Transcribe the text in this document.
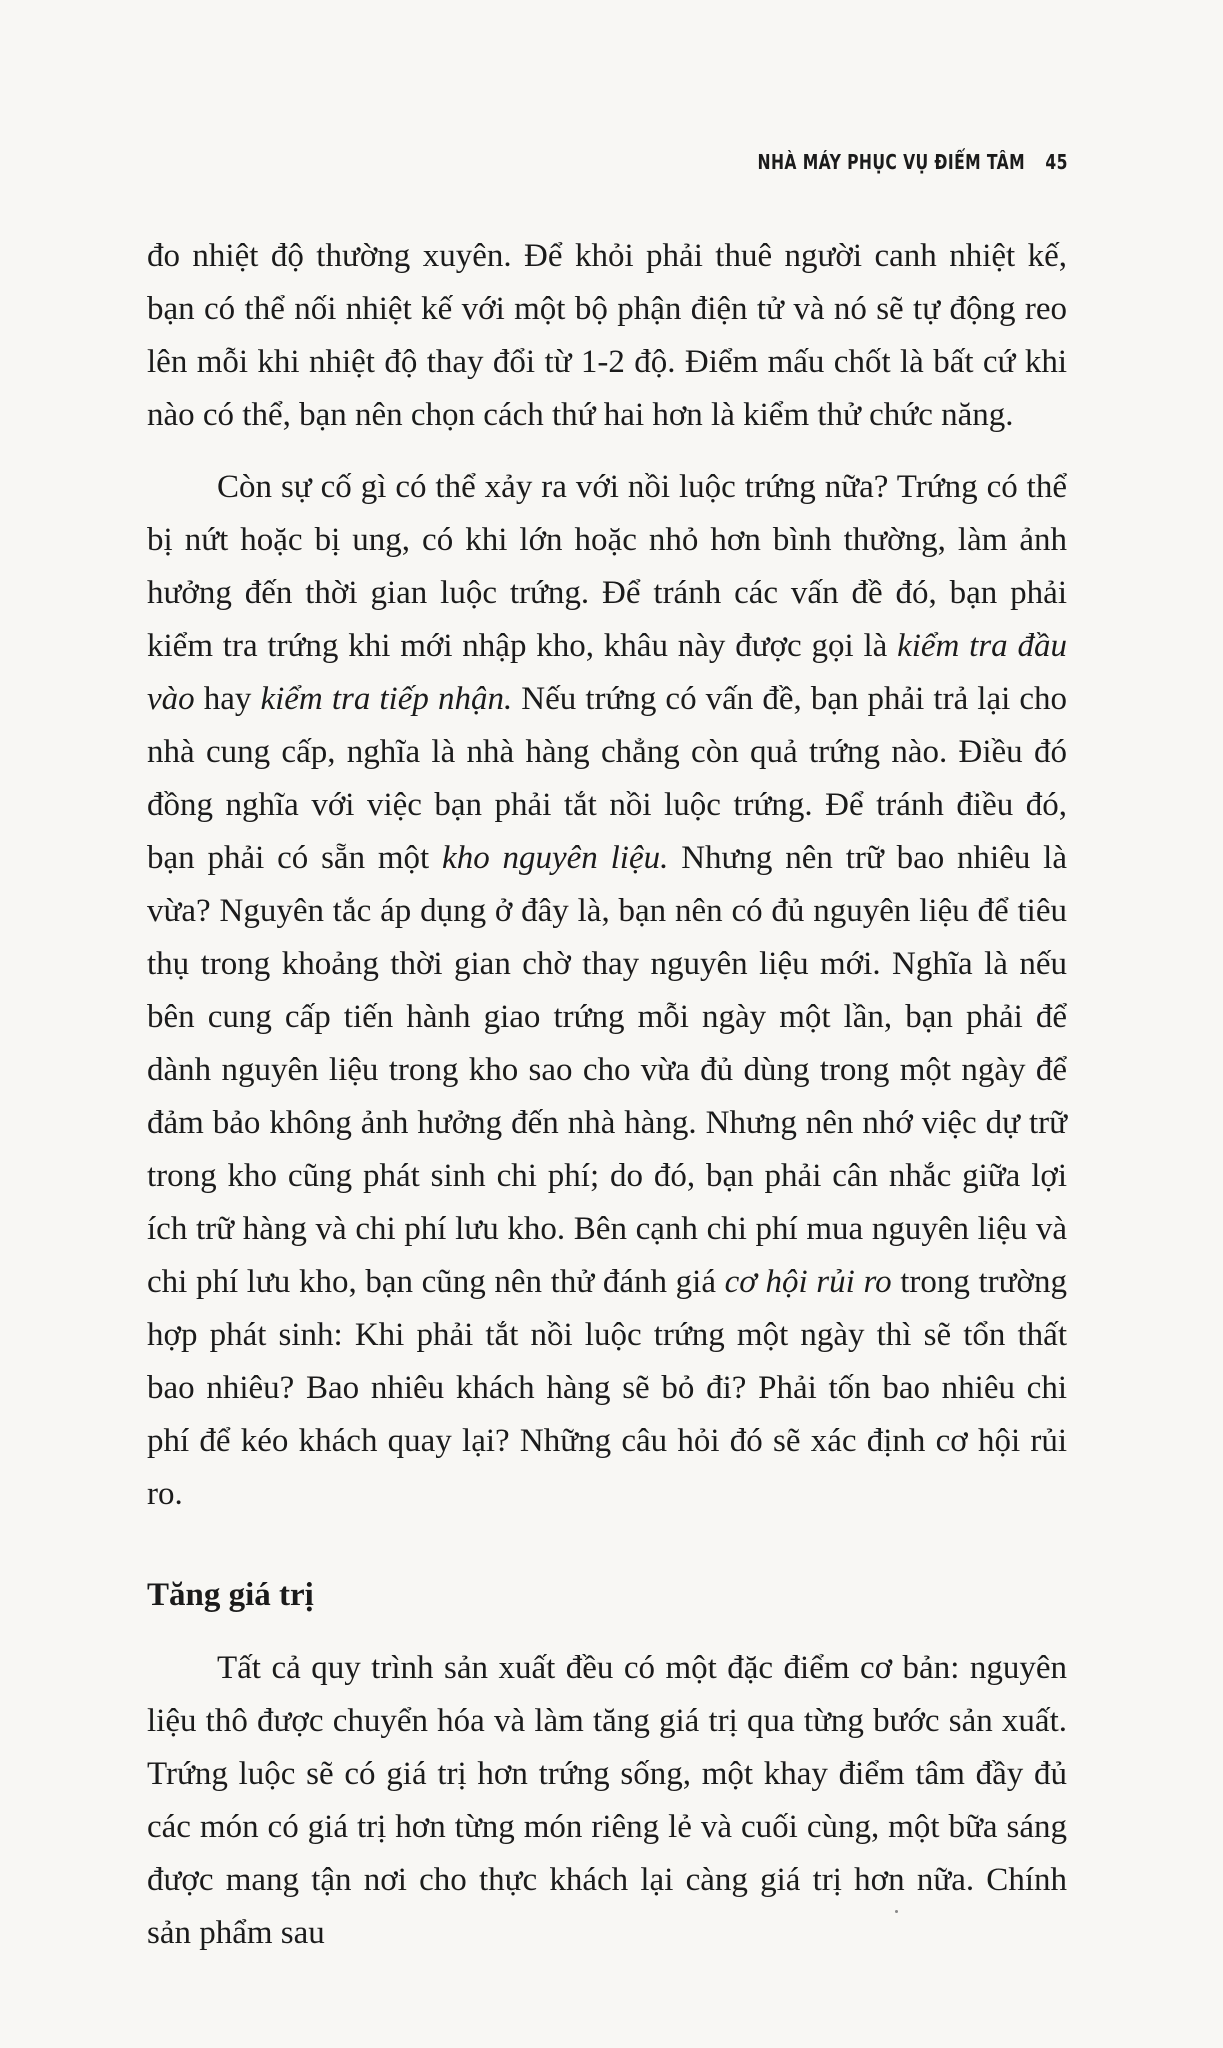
NHÀ MÁY PHỤC VỤ ĐIỂM TÂM 45

đo nhiệt độ thường xuyên. Để khỏi phải thuê người canh nhiệt kế, bạn có thể nối nhiệt kế với một bộ phận điện tử và nó sẽ tự động reo lên mỗi khi nhiệt độ thay đổi từ 1-2 độ. Điểm mấu chốt là bất cứ khi nào có thể, bạn nên chọn cách thứ hai hơn là kiểm thử chức năng.

Còn sự cố gì có thể xảy ra với nồi luộc trứng nữa? Trứng có thể bị nứt hoặc bị ung, có khi lớn hoặc nhỏ hơn bình thường, làm ảnh hưởng đến thời gian luộc trứng. Để tránh các vấn đề đó, bạn phải kiểm tra trứng khi mới nhập kho, khâu này được gọi là kiểm tra đầu vào hay kiểm tra tiếp nhận. Nếu trứng có vấn đề, bạn phải trả lại cho nhà cung cấp, nghĩa là nhà hàng chẳng còn quả trứng nào. Điều đó đồng nghĩa với việc bạn phải tắt nồi luộc trứng. Để tránh điều đó, bạn phải có sẵn một kho nguyên liệu. Nhưng nên trữ bao nhiêu là vừa? Nguyên tắc áp dụng ở đây là, bạn nên có đủ nguyên liệu để tiêu thụ trong khoảng thời gian chờ thay nguyên liệu mới. Nghĩa là nếu bên cung cấp tiến hành giao trứng mỗi ngày một lần, bạn phải để dành nguyên liệu trong kho sao cho vừa đủ dùng trong một ngày để đảm bảo không ảnh hưởng đến nhà hàng. Nhưng nên nhớ việc dự trữ trong kho cũng phát sinh chi phí; do đó, bạn phải cân nhắc giữa lợi ích trữ hàng và chi phí lưu kho. Bên cạnh chi phí mua nguyên liệu và chi phí lưu kho, bạn cũng nên thử đánh giá cơ hội rủi ro trong trường hợp phát sinh: Khi phải tắt nồi luộc trứng một ngày thì sẽ tổn thất bao nhiêu? Bao nhiêu khách hàng sẽ bỏ đi? Phải tốn bao nhiêu chi phí để kéo khách quay lại? Những câu hỏi đó sẽ xác định cơ hội rủi ro.

Tăng giá trị

Tất cả quy trình sản xuất đều có một đặc điểm cơ bản: nguyên liệu thô được chuyển hóa và làm tăng giá trị qua từng bước sản xuất. Trứng luộc sẽ có giá trị hơn trứng sống, một khay điểm tâm đầy đủ các món có giá trị hơn từng món riêng lẻ và cuối cùng, một bữa sáng được mang tận nơi cho thực khách lại càng giá trị hơn nữa. Chính sản phẩm sau
